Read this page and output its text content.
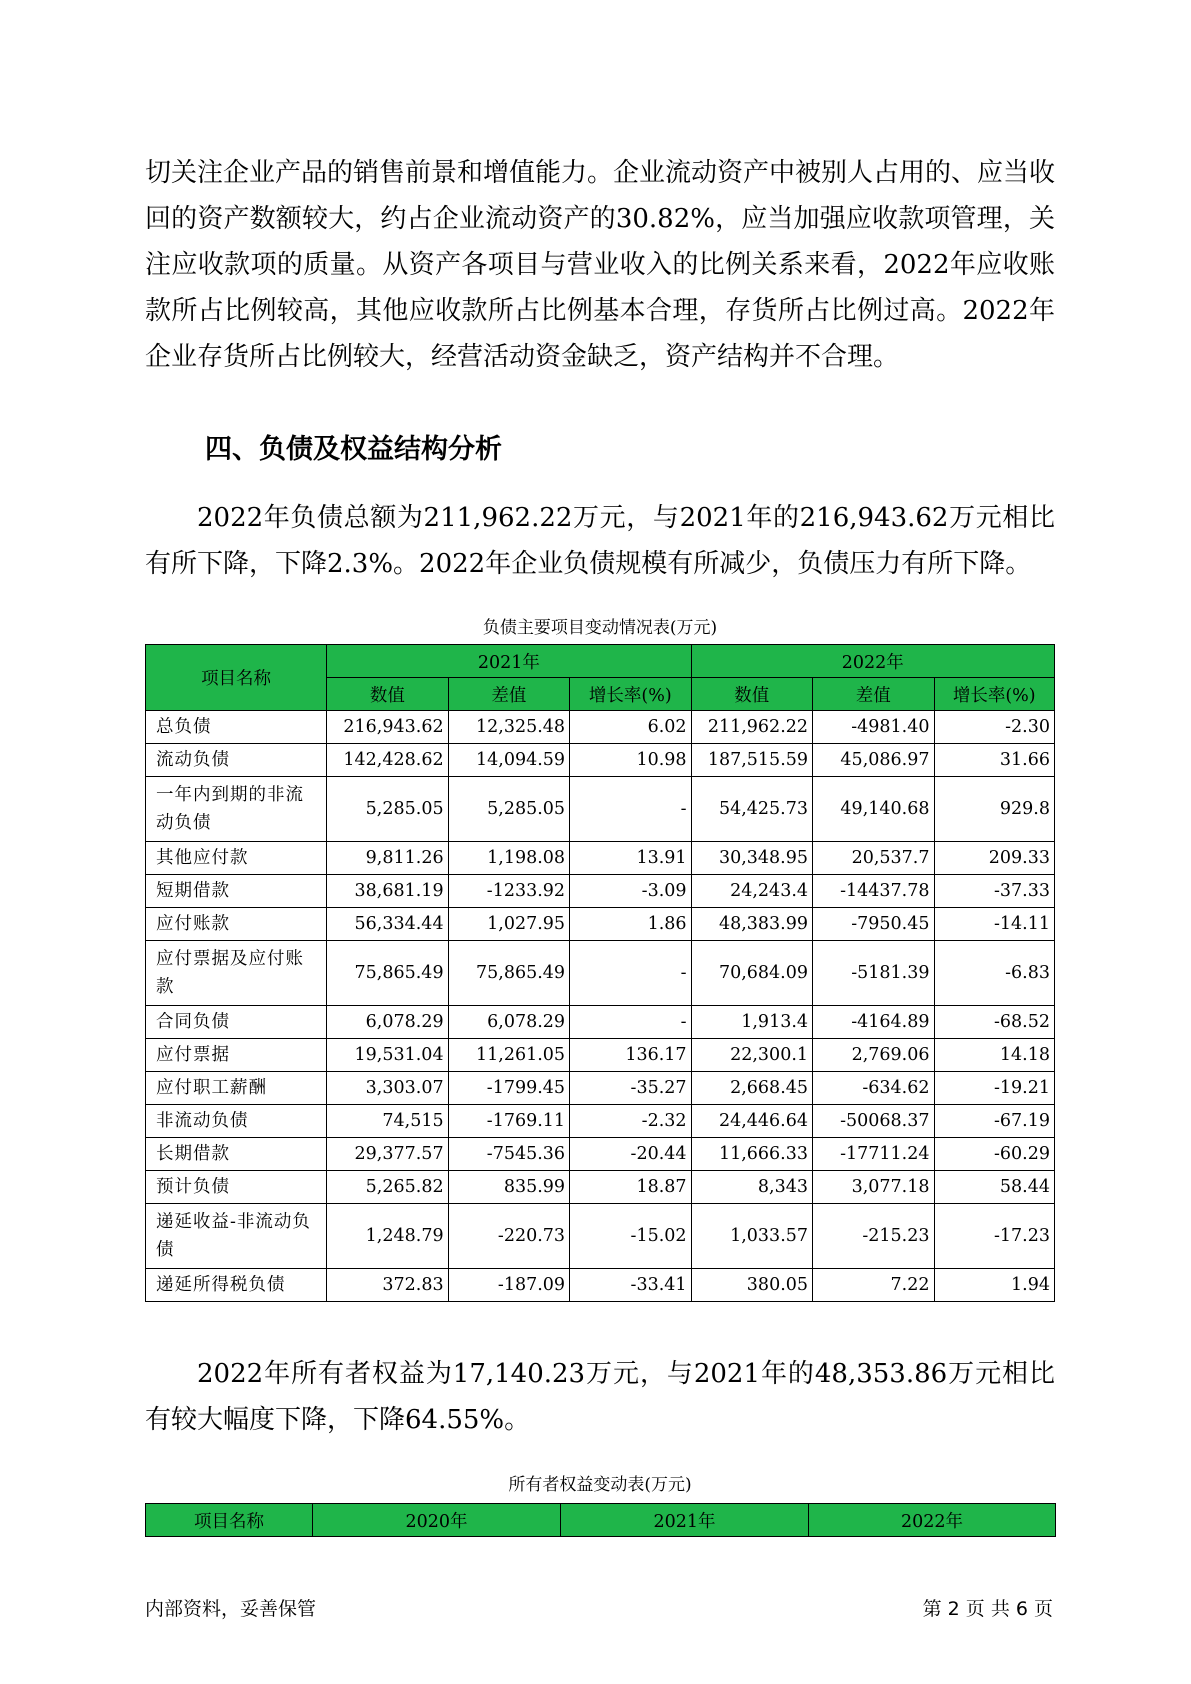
切关注企业产品的销售前景和增值能力。企业流动资产中被别人占用的、应当收回的资产数额较大，约占企业流动资产的30.82%，应当加强应收款项管理，关注应收款项的质量。从资产各项目与营业收入的比例关系来看，2022年应收账款所占比例较高，其他应收款所占比例基本合理，存货所占比例过高。2022年企业存货所占比例较大，经营活动资金缺乏，资产结构并不合理。

四、负债及权益结构分析

2022年负债总额为211,962.22万元，与2021年的216,943.62万元相比有所下降，下降2.3%。2022年企业负债规模有所减少，负债压力有所下降。

负债主要项目变动情况表(万元)
项目名称	2021年			2022年		
	数值	差值	增长率(%)	数值	差值	增长率(%)
总负债	216,943.62	12,325.48	6.02	211,962.22	-4981.40	-2.30
流动负债	142,428.62	14,094.59	10.98	187,515.59	45,086.97	31.66
一年内到期的非流动负债	5,285.05	5,285.05	-	54,425.73	49,140.68	929.8
其他应付款	9,811.26	1,198.08	13.91	30,348.95	20,537.7	209.33
短期借款	38,681.19	-1233.92	-3.09	24,243.4	-14437.78	-37.33
应付账款	56,334.44	1,027.95	1.86	48,383.99	-7950.45	-14.11
应付票据及应付账款	75,865.49	75,865.49	-	70,684.09	-5181.39	-6.83
合同负债	6,078.29	6,078.29	-	1,913.4	-4164.89	-68.52
应付票据	19,531.04	11,261.05	136.17	22,300.1	2,769.06	14.18
应付职工薪酬	3,303.07	-1799.45	-35.27	2,668.45	-634.62	-19.21
非流动负债	74,515	-1769.11	-2.32	24,446.64	-50068.37	-67.19
长期借款	29,377.57	-7545.36	-20.44	11,666.33	-17711.24	-60.29
预计负债	5,265.82	835.99	18.87	8,343	3,077.18	58.44
递延收益-非流动负债	1,248.79	-220.73	-15.02	1,033.57	-215.23	-17.23
递延所得税负债	372.83	-187.09	-33.41	380.05	7.22	1.94

2022年所有者权益为17,140.23万元，与2021年的48,353.86万元相比有较大幅度下降，下降64.55%。

所有者权益变动表(万元)
项目名称	2020年	2021年	2022年
内部资料，妥善保管	第 2 页 共 6 页
